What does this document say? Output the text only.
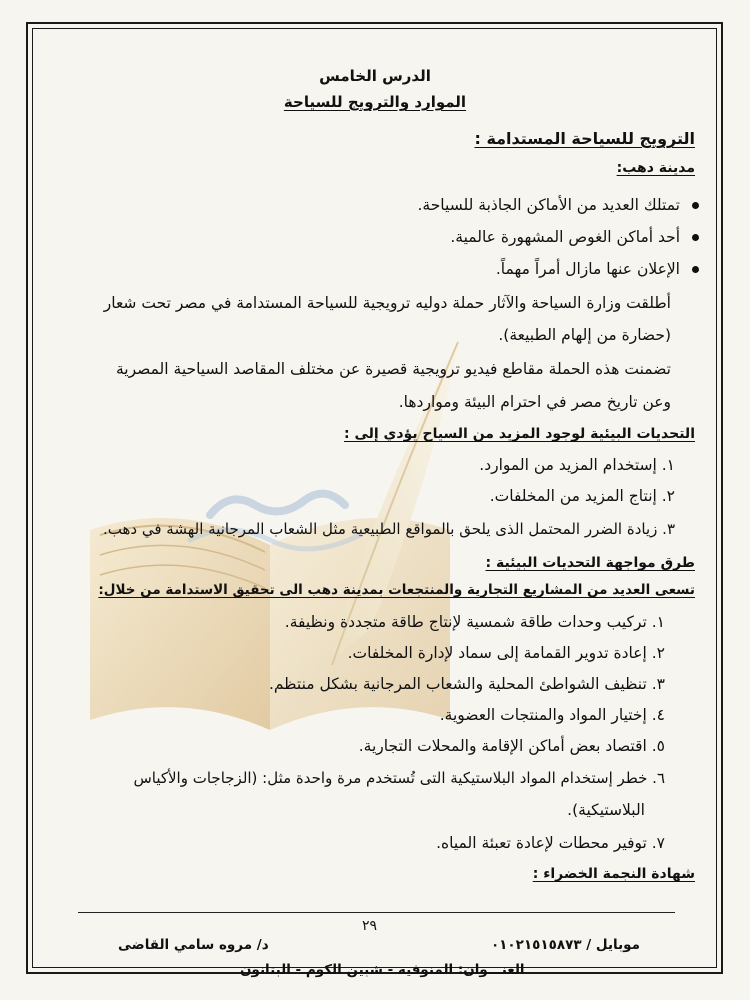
الدرس الخامس
الموارد والترويج للسياحة
الترويج للسياحة المستدامة :
مدينة دهب:
تمتلك العديد من الأماكن الجاذبة للسياحة.
أحد أماكن الغوص المشهورة عالمية.
الإعلان عنها مازال أمراً مهماً.
أطلقت وزارة السياحة والآثار حملة دوليه ترويجية للسياحة المستدامة في مصر تحت شعار
(حضارة من إلهام الطبيعة).
تضمنت هذه الحملة مقاطع فيديو ترويجية قصيرة عن مختلف المقاصد السياحية المصرية
وعن تاريخ مصر في احترام البيئة ومواردها.
التحديات البيئية لوجود المزيد من السياح يؤدي إلى :
١. إستخدام المزيد من الموارد.
٢. إنتاج المزيد من المخلفات.
٣. زيادة الضرر المحتمل الذى يلحق بالمواقع الطبيعية مثل الشعاب المرجانية الهشة في دهب.
طرق مواجهة التحديات البيئية :
تسعى العديد من المشاريع التجارية والمنتجعات بمدينة دهب الى تحقيق الاستدامة من خلال:
١. تركيب وحدات طاقة شمسية لإنتاج طاقة متجددة ونظيفة.
٢. إعادة تدوير القمامة إلى سماد لإدارة المخلفات.
٣. تنظيف الشواطئ المحلية والشعاب المرجانية بشكل منتظم.
٤. إختيار المواد والمنتجات العضوية.
٥. اقتصاد بعض أماكن الإقامة والمحلات التجارية.
٦. خطر إستخدام المواد البلاستيكية التى تُستخدم مرة واحدة مثل: (الزجاجات والأكياس
البلاستيكية).
٧. توفير محطات لإعادة تعبئة المياه.
شهادة النجمة الخضراء :
٢٩
موبايل / ٠١٠٢١٥١٥٨٧٣
د/ مروه سامي القاضى
العنـــوان: المنوفية - شبين الكوم - البتانون
